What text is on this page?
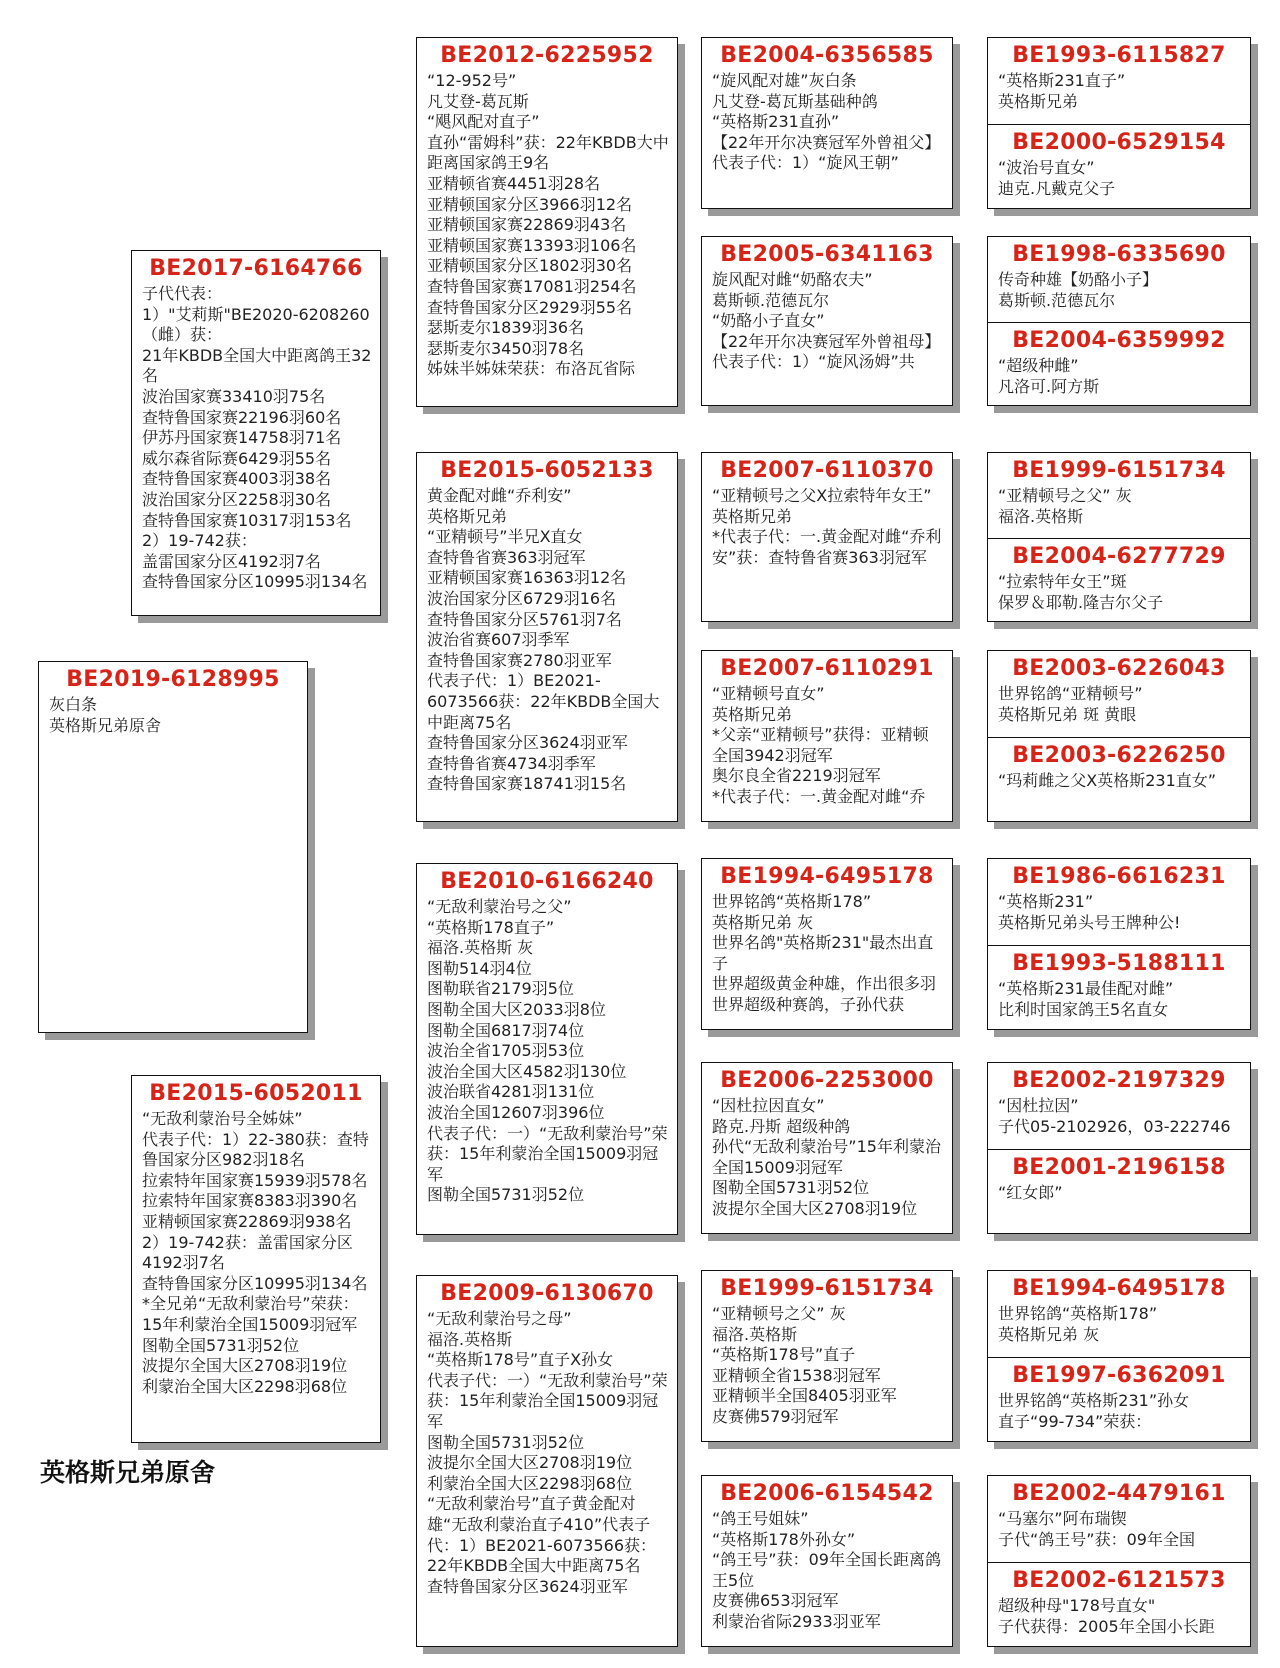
BE2019-6128995
灰白条
英格斯兄弟原舍
BE2017-6164766
子代代表：
1）"艾莉斯"BE2020-6208260（雌）获：
21年KBDB全国大中距离鸽王32名
波治国家赛33410羽75名
查特鲁国家赛22196羽60名
伊苏丹国家赛14758羽71名
威尔森省际赛6429羽55名
查特鲁国家赛4003羽38名
波治国家分区2258羽30名
查特鲁国家赛10317羽153名
2）19-742获：
盖雷国家分区4192羽7名
查特鲁国家分区10995羽134名
BE2015-6052011
“无敌利蒙治号全姊妹”
代表子代：1）22-380获：查特鲁国家分区982羽18名
拉索特年国家赛15939羽578名
拉索特年国家赛8383羽390名
亚精顿国家赛22869羽938名
2）19-742获：盖雷国家分区4192羽7名
查特鲁国家分区10995羽134名
*全兄弟“无敌利蒙治号”荣获：15年利蒙治全国15009羽冠军
图勒全国5731羽52位
波提尔全国大区2708羽19位
利蒙治全国大区2298羽68位
英格斯兄弟原舍
BE2012-6225952
“12-952号”
凡艾登-葛瓦斯
“飓风配对直子”
直孙“雷姆科”获：22年KBDB大中距离国家鸽王9名
亚精顿省赛4451羽28名
亚精顿国家分区3966羽12名
亚精顿国家赛22869羽43名
亚精顿国家赛13393羽106名
亚精顿国家分区1802羽30名
查特鲁国家赛17081羽254名
查特鲁国家分区2929羽55名
瑟斯麦尔1839羽36名
瑟斯麦尔3450羽78名
姊妹半姊妹荣获：布洛瓦省际
BE2015-6052133
黄金配对雌“乔利安”
英格斯兄弟
“亚精顿号”半兄X直女
查特鲁省赛363羽冠军
亚精顿国家赛16363羽12名
波治国家分区6729羽16名
查特鲁国家分区5761羽7名
波治省赛607羽季军
查特鲁国家赛2780羽亚军
代表子代：1）BE2021-6073566获：22年KBDB全国大中距离75名
查特鲁国家分区3624羽亚军
查特鲁省赛4734羽季军
查特鲁国家赛18741羽15名
BE2010-6166240
“无敌利蒙治号之父”
“英格斯178直子”
福洛.英格斯 灰
图勒514羽4位
图勒联省2179羽5位
图勒全国大区2033羽8位
图勒全国6817羽74位
波治全省1705羽53位
波治全国大区4582羽130位
波治联省4281羽131位
波治全国12607羽396位
代表子代：一）“无敌利蒙治号”荣获：15年利蒙治全国15009羽冠军
图勒全国5731羽52位
BE2009-6130670
“无敌利蒙治号之母”
福洛.英格斯
“英格斯178号”直子X孙女
代表子代：一）“无敌利蒙治号”荣获：15年利蒙治全国15009羽冠军
图勒全国5731羽52位
波提尔全国大区2708羽19位
利蒙治全国大区2298羽68位
“无敌利蒙治号”直子黄金配对雄“无敌利蒙治直子410”代表子代：1）BE2021-6073566获：22年KBDB全国大中距离75名
查特鲁国家分区3624羽亚军
BE2004-6356585
“旋风配对雄”灰白条
凡艾登-葛瓦斯基础种鸽
“英格斯231直孙”
【22年开尔决赛冠军外曾祖父】
代表子代：1）“旋风王朝”
BE2005-6341163
旋风配对雌“奶酪农夫”
葛斯顿.范德瓦尔
“奶酪小子直女”
【22年开尔决赛冠军外曾祖母】
代表子代：1）“旋风汤姆”共
BE2007-6110370
“亚精顿号之父X拉索特年女王”
英格斯兄弟
*代表子代：一.黄金配对雌“乔利安”获：查特鲁省赛363羽冠军
BE2007-6110291
“亚精顿号直女”
英格斯兄弟
*父亲“亚精顿号”获得：亚精顿全国3942羽冠军
奥尔良全省2219羽冠军
*代表子代：一.黄金配对雌“乔
BE1994-6495178
世界铭鸽“英格斯178”
英格斯兄弟 灰
世界名鸽"英格斯231"最杰出直子
世界超级黄金种雄，作出很多羽世界超级种赛鸽，子孙代获
BE2006-2253000
“因杜拉因直女”
路克.丹斯 超级种鸽
孙代“无敌利蒙治号”15年利蒙治全国15009羽冠军
图勒全国5731羽52位
波提尔全国大区2708羽19位
BE1999-6151734
“亚精顿号之父” 灰
福洛.英格斯
“英格斯178号”直子
亚精顿全省1538羽冠军
亚精顿半全国8405羽亚军
皮赛佛579羽冠军
BE2006-6154542
“鸽王号姐妹”
“英格斯178外孙女”
“鸽王号”获：09年全国长距离鸽王5位
皮赛佛653羽冠军
利蒙治省际2933羽亚军
BE1993-6115827
“英格斯231直子”
英格斯兄弟
BE2000-6529154
“波治号直女”
迪克.凡戴克父子
BE1998-6335690
传奇种雄【奶酪小子】
葛斯顿.范德瓦尔
BE2004-6359992
“超级种雌”
凡洛可.阿方斯
BE1999-6151734
“亚精顿号之父” 灰
福洛.英格斯
BE2004-6277729
“拉索特年女王”斑
保罗＆耶勒.隆吉尔父子
BE2003-6226043
世界铭鸽“亚精顿号”
英格斯兄弟 斑 黄眼
BE2003-6226250
“玛莉雌之父X英格斯231直女”
BE1986-6616231
“英格斯231”
英格斯兄弟头号王牌种公!
BE1993-5188111
“英格斯231最佳配对雌”
比利时国家鸽王5名直女
BE2002-2197329
“因杜拉因”
子代05-2102926，03-222746
BE2001-2196158
“红女郎”
BE1994-6495178
世界铭鸽“英格斯178”
英格斯兄弟 灰
BE1997-6362091
世界铭鸽“英格斯231”孙女
直子“99-734”荣获：
BE2002-4479161
“马塞尔”阿布瑞锲
子代“鸽王号”获：09年全国
BE2002-6121573
超级种母"178号直女"
子代获得：2005年全国小长距
